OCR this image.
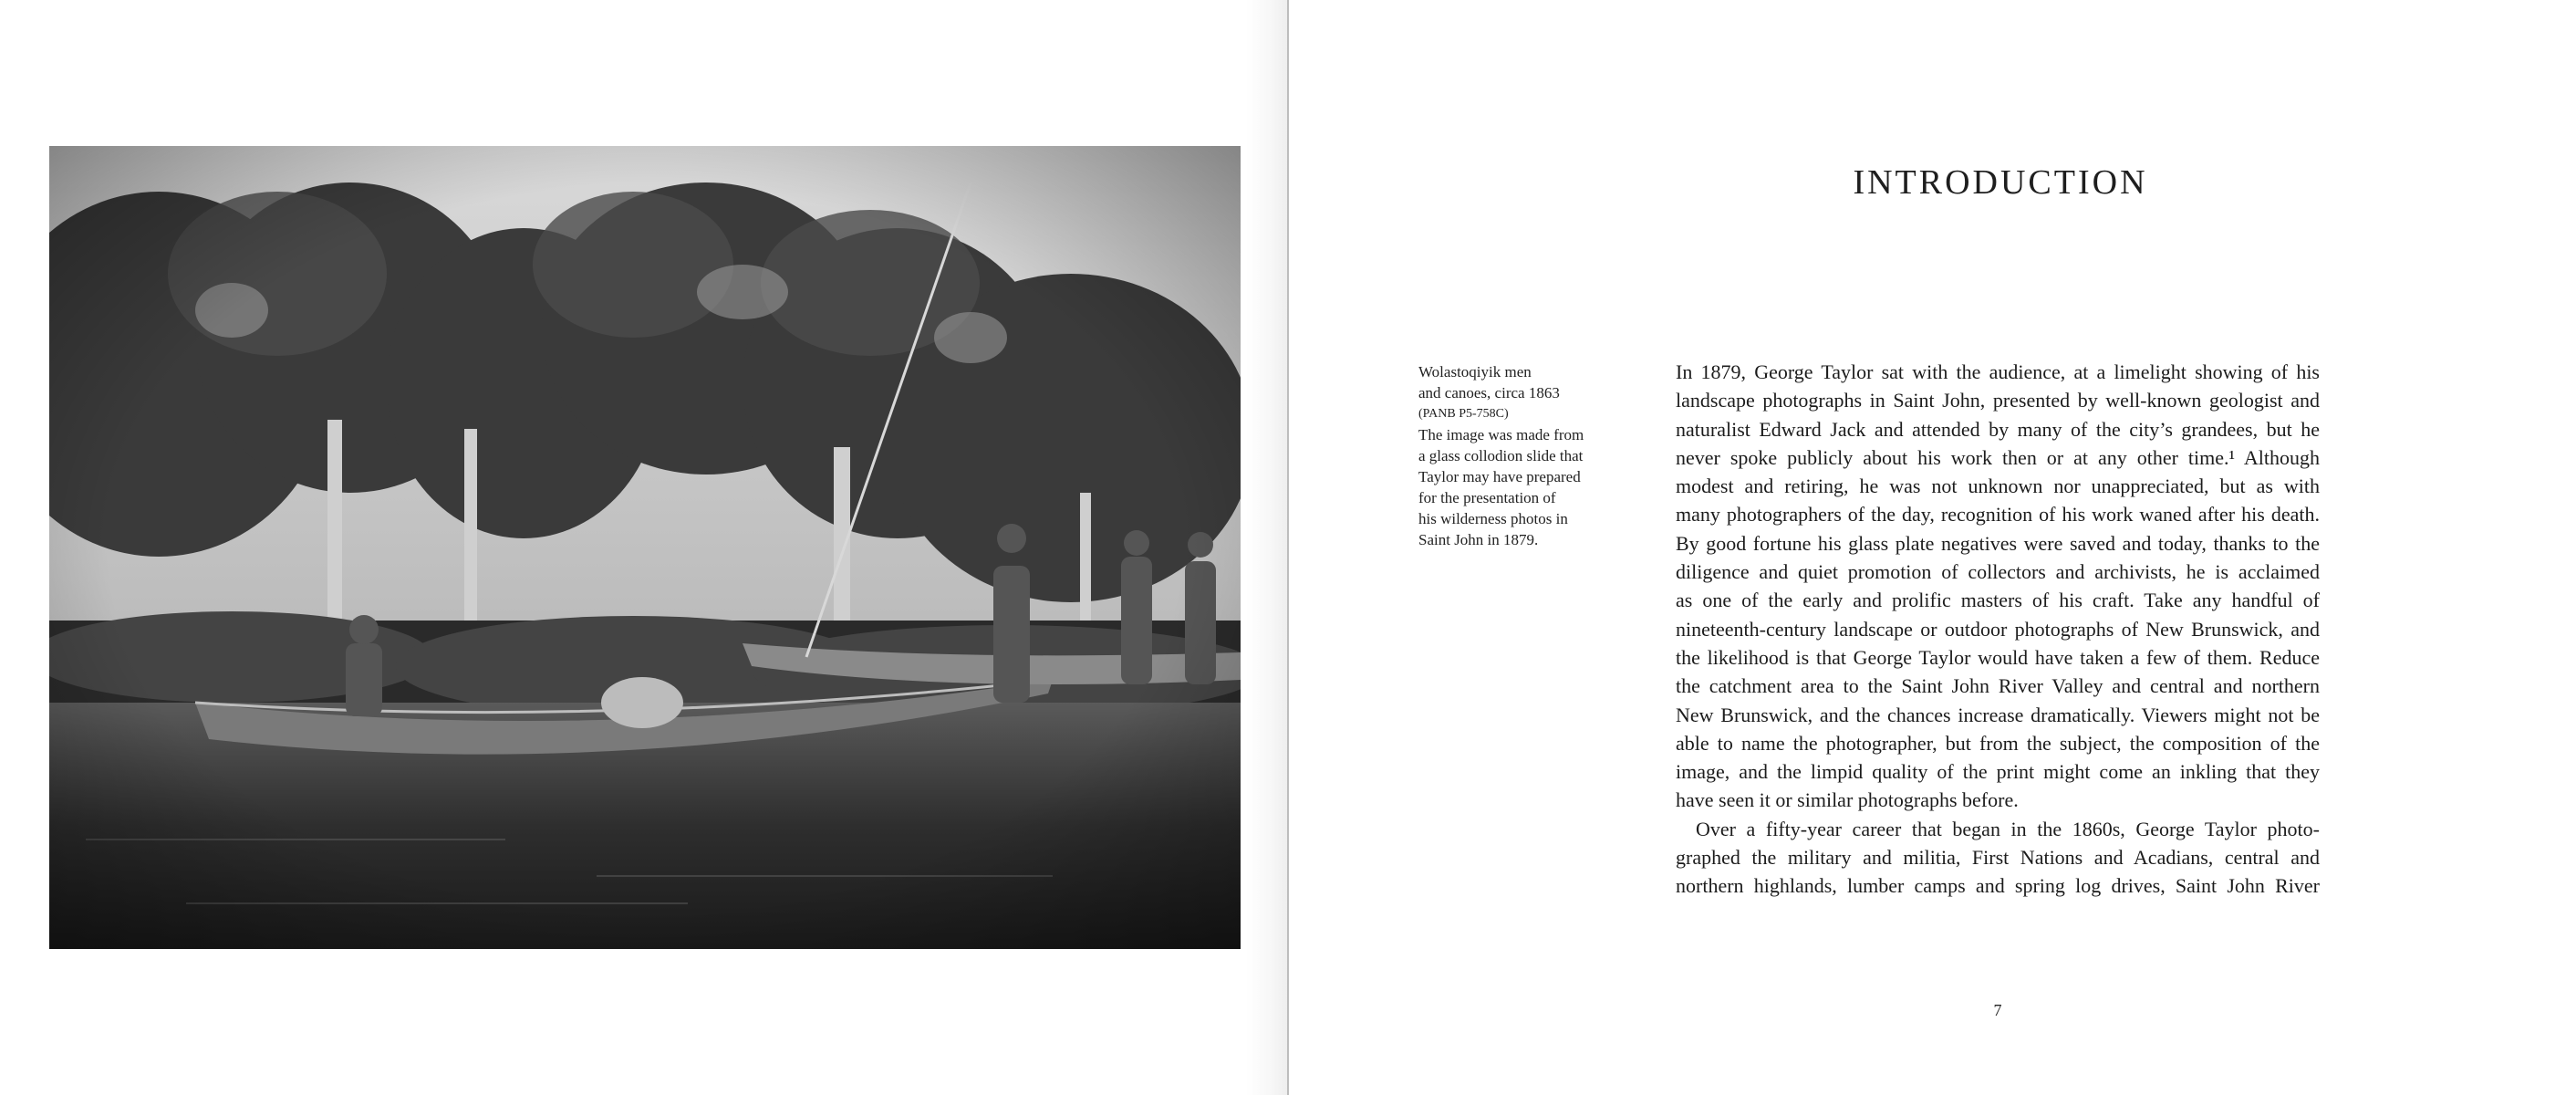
Wolastoqiyik men
and canoes, circa 1863
(PANB P5-758C)
The image was made from
a glass collodion slide that
Taylor may have prepared
for the presentation of
his wilderness photos in
Saint John in 1879.
INTRODUCTION
In 1879, George Taylor sat with the audience, at a limelight showing of his
landscape photographs in Saint John, presented by well-known geologist and
naturalist Edward Jack and attended by many of the city’s grandees, but he
never spoke publicly about his work then or at any other time.¹ Although
modest and retiring, he was not unknown nor unappreciated, but as with
many photographers of the day, recognition of his work waned after his death.
By good fortune his glass plate negatives were saved and today, thanks to the
diligence and quiet promotion of collectors and archivists, he is acclaimed
as one of the early and prolific masters of his craft. Take any handful of
nineteenth-century landscape or outdoor photographs of New Brunswick, and
the likelihood is that George Taylor would have taken a few of them. Reduce
the catchment area to the Saint John River Valley and central and northern
New Brunswick, and the chances increase dramatically. Viewers might not be
able to name the photographer, but from the subject, the composition of the
image, and the limpid quality of the print might come an inkling that they
have seen it or similar photographs before.
Over a fifty-year career that began in the 1860s, George Taylor photo-
graphed the military and militia, First Nations and Acadians, central and
northern highlands, lumber camps and spring log drives, Saint John River
7
